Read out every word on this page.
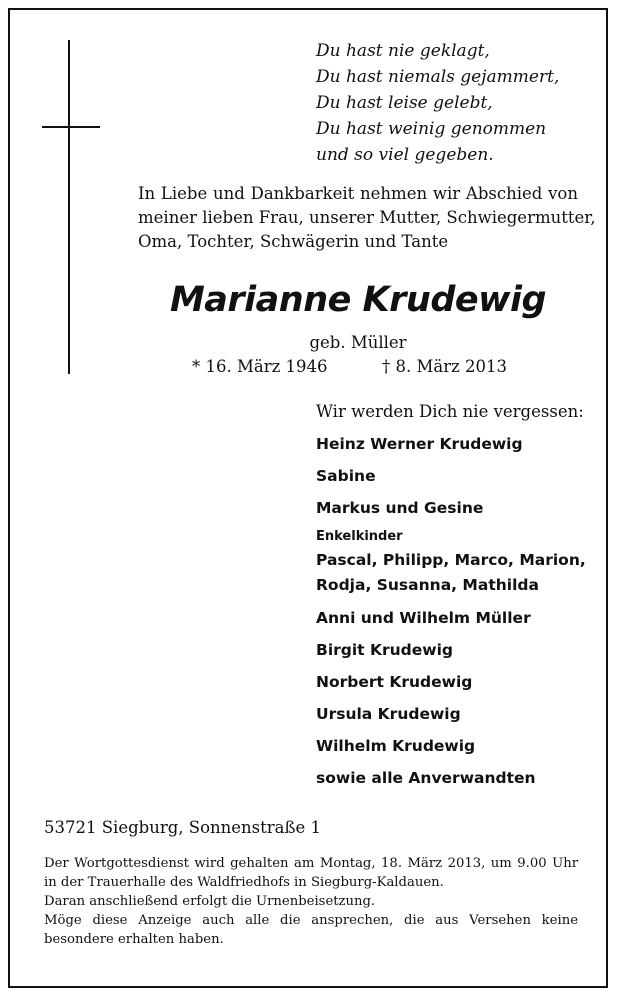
Du hast nie geklagt,
Du hast niemals gejammert,
Du hast leise gelebt,
Du hast weinig genommen
und so viel gegeben.
In Liebe und Dankbarkeit nehmen wir Abschied von
meiner lieben Frau, unserer Mutter, Schwiegermutter,
Oma, Tochter, Schwägerin und Tante
Marianne Krudewig
geb. Müller
* 16. März 1946	† 8. März 2013
Wir werden Dich nie vergessen:
Heinz Werner Krudewig
Sabine
Markus und Gesine
Enkelkinder
Pascal, Philipp, Marco, Marion,
Rodja, Susanna, Mathilda
Anni und Wilhelm Müller
Birgit Krudewig
Norbert Krudewig
Ursula Krudewig
Wilhelm Krudewig
sowie alle Anverwandten
53721 Siegburg, Sonnenstraße 1
Der Wortgottesdienst wird gehalten am Montag, 18. März 2013, um 9.00 Uhr
in der Trauerhalle des Waldfriedhofs in Siegburg-Kaldauen.
Daran anschließend erfolgt die Urnenbeisetzung.
Möge diese Anzeige auch alle die ansprechen, die aus Versehen keine
besondere erhalten haben.
